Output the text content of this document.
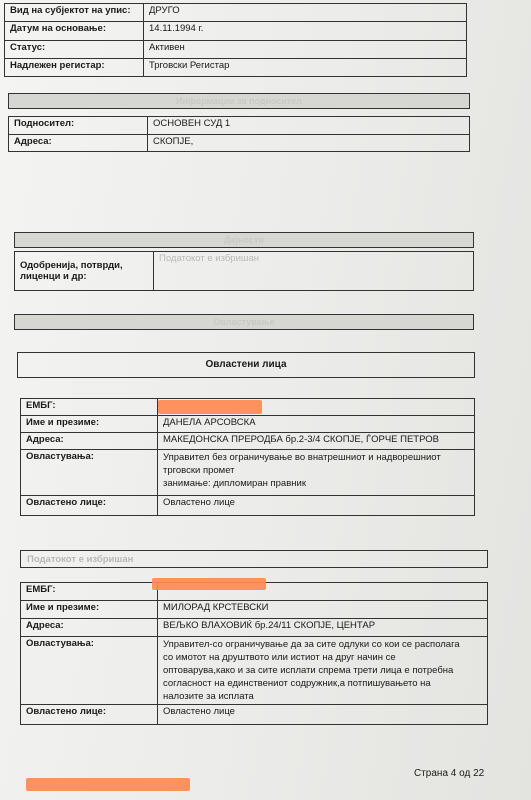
Вид на субјектот на упис:	ДРУГО
Датум на основање:	14.11.1994 г.
Статус:	Активен
Надлежен регистар:	Трговски Регистар
Информации за подносител
Подносител:	ОСНОВЕН СУД 1
Адреса:	СКОПЈЕ,
Дејности
Одобренија, потврди, лиценци и др:	Податокот е избришан
Овластување
Овластени лица
ЕМБГ:	
Име и презиме:	ДАНЕЛА АРСОВСКА
Адреса:	МАКЕДОНСКА ПРЕРОДБА бр.2-3/4 СКОПЈЕ, ЃОРЧЕ ПЕТРОВ
Овластувања:	Управител без ограничување во внатрешниот и надворешниот
трговски промет
занимање: дипломиран правник

Овластено лице:	Овластено лице
Податокот е избришан
ЕМБГ:	
Име и презиме:	МИЛОРАД КРСТЕВСКИ
Адреса:	ВЕЉКО ВЛАХОВИЌ бр.24/11 СКОПЈЕ, ЦЕНТАР
Овластувања:	Управител-со ограничување да за сите одлуки со кои се располага
со имотот на друштвото или истиот на друг начин се
оптоварува,како и за сите исплати спрема трети лица е потребна
согласност на единствениот содружник,а потпишувањето на
налозите за исплата

Овластено лице:	Овластено лице
Страна 4 од 22
